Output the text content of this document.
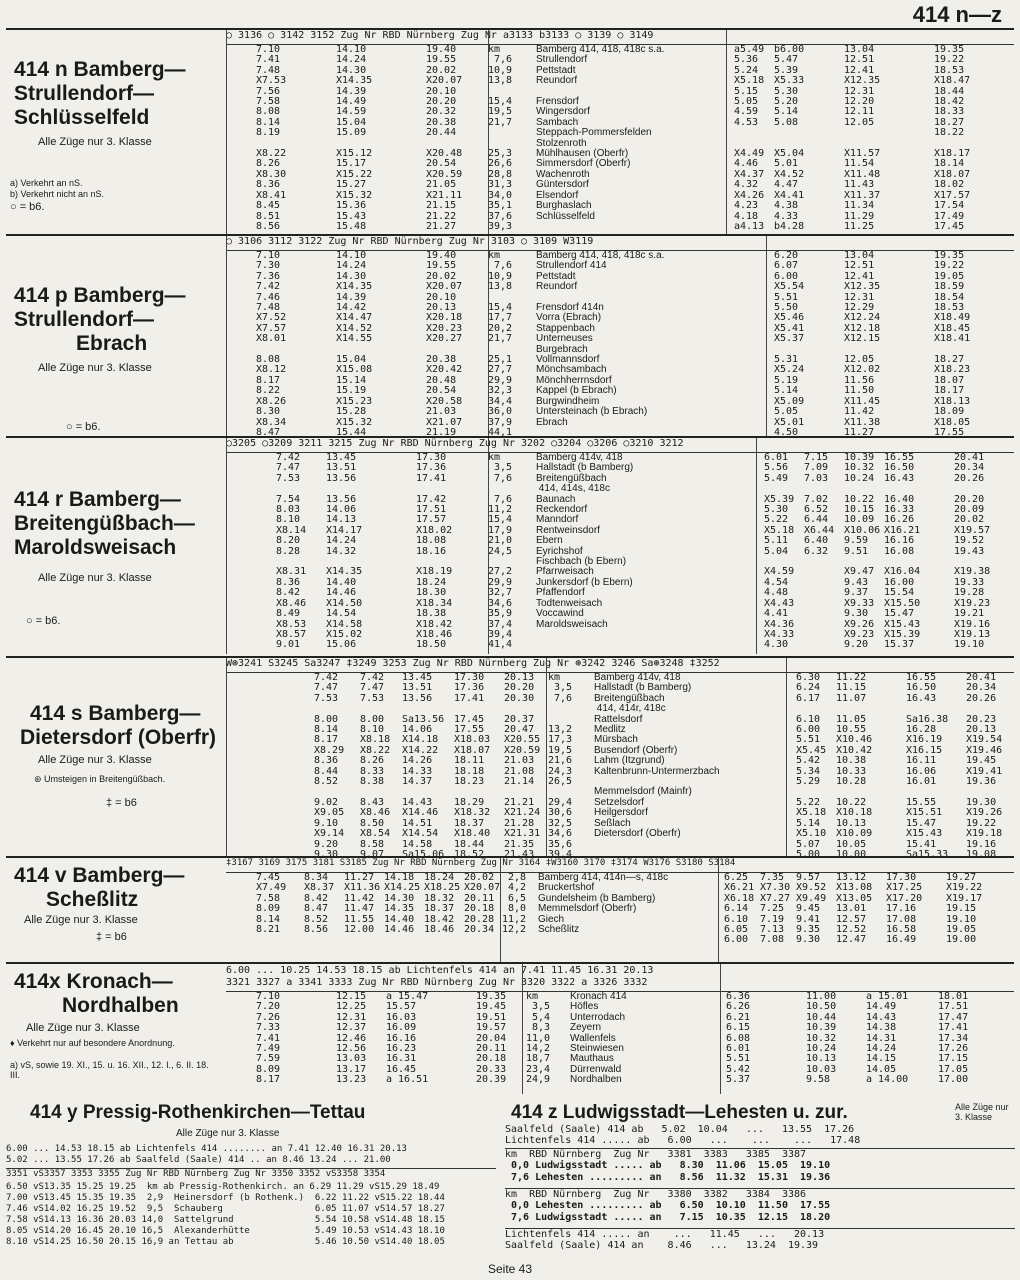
414 n—z
414 n Bamberg—
Strullendorf—
Schlüsselfeld
Alle Züge nur 3. Klasse
a) Verkehrt an nS.
b) Verkehrt nicht an nS.
○ = b6.
○ 3136 ○ 3142 3152 Zug Nr RBD Nürnberg Zug Nr a3133 b3133 ○ 3139 ○ 3149
7.10
7.41
7.48
X7.53
7.56
7.58
8.08
8.14
8.19

X8.22
8.26
X8.30
8.36
X8.41
8.45
8.51
8.56
14.10
14.24
14.30
X14.35
14.39
14.49
14.59
15.04
15.09

X15.12
15.17
X15.22
15.27
X15.32
15.36
15.43
15.48
19.40
19.55
20.02
X20.07
20.10
20.20
20.32
20.38
20.44

X20.48
20.54
X20.59
21.05
X21.11
21.15
21.22
21.27
km
7,6
10,9
13,8

15,4
19,5
21,7

25,3
26,6
28,8
31,3
34,0
35,1
37,6
39,3
Bamberg 414, 418, 418c s.a.
Strullendorf
Pettstadt
Reundorf

Frensdorf
Wingersdorf
Sambach
Steppach-Pommersfelden
Stolzenroth
Mühlhausen (Oberfr)
Simmersdorf (Oberfr)
Wachenroth
Güntersdorf
Elsendorf
Burghaslach
Schlüsselfeld
a5.49
5.36
5.24
X5.18
5.15
5.05
4.59
4.53

X4.49
4.46
X4.37
4.32
X4.26
4.23
4.18
a4.13
b6.00
5.47
5.39
X5.33
5.30
5.20
5.14
5.08

X5.04
5.01
X4.52
4.47
X4.41
4.38
4.33
b4.28
13.04
12.51
12.41
X12.35
12.31
12.20
12.11
12.05

X11.57
11.54
X11.48
11.43
X11.37
11.34
11.29
11.25
19.35
19.22
18.53
X18.47
18.44
18.42
18.33
18.27
18.22

X18.17
18.14
X18.07
18.02
X17.57
17.54
17.49
17.45
414 p Bamberg—
Strullendorf—
Ebrach
Alle Züge nur 3. Klasse
○ = b6.
○ 3106 3112 3122 Zug Nr RBD Nürnberg Zug Nr 3103 ○ 3109 W3119
7.10
7.30
7.36
7.42
7.46
7.48
X7.52
X7.57
X8.01

8.08
X8.12
8.17
8.22
X8.26
8.30
X8.34
8.47
14.10
14.24
14.30
X14.35
14.39
14.42
X14.47
X14.52
X14.55

15.04
X15.08
15.14
15.19
X15.23
15.28
X15.32
15.44
19.40
19.55
20.02
X20.07
20.10
20.13
X20.18
X20.23
X20.27

20.38
X20.42
20.48
20.54
X20.58
21.03
X21.07
21.19
km
7,6
10,9
13,8

15,4
17,7
20,2
21,7

25,1
27,7
29,9
32,3
34,4
36,0
37,9
44,1
Bamberg 414, 418, 418c s.a.
Strullendorf 414
Pettstadt
Reundorf

Frensdorf 414n
Vorra (Ebrach)
Stappenbach
Unterneuses
Burgebrach
Vollmannsdorf
Mönchsambach
Mönchherrnsdorf
Kappel (b Ebrach)
Burgwindheim
Untersteinach (b Ebrach)
Ebrach
6.20
6.07
6.00
X5.54
5.51
5.50
X5.46
X5.41
X5.37

5.31
X5.24
5.19
5.14
X5.09
5.05
X5.01
4.50
13.04
12.51
12.41
X12.35
12.31
12.29
X12.24
X12.18
X12.15

12.05
X12.02
11.56
11.50
X11.45
11.42
X11.38
11.27
19.35
19.22
19.05
18.59
18.54
18.53
X18.49
X18.45
X18.41

18.27
X18.23
18.07
18.17
X18.13
18.09
X18.05
17.55
414 r Bamberg—
Breitengüßbach—
Maroldsweisach
Alle Züge nur 3. Klasse
○ = b6.
○3205 ○3209 3211 3215 Zug Nr RBD Nürnberg Zug Nr 3202 ○3204 ○3206 ○3210 3212
7.42
7.47
7.53

7.54
8.03
8.10
X8.14
8.20
8.28

X8.31
8.36
8.42
X8.46
8.49
X8.53
X8.57
9.01
13.45
13.51
13.56

13.56
14.06
14.13
X14.17
14.24
14.32

X14.35
14.40
14.46
X14.50
14.54
X14.58
X15.02
15.06
17.30
17.36
17.41

17.42
17.51
17.57
X18.02
18.08
18.16

X18.19
18.24
18.30
X18.34
18.38
X18.42
X18.46
18.50
km
3,5
7,6

7,6
11,2
15,4
17,9
21,0
24,5

27,2
29,9
32,7
34,6
35,9
37,4
39,4
41,4
Bamberg 414v, 418
Hallstadt (b Bamberg)
Breitengüßbach
414, 414s, 418c
Baunach
Reckendorf
Manndorf
Rentweinsdorf
Ebern
Eyrichshof
Fischbach (b Ebern)
Pfarrweisach
Junkersdorf (b Ebern)
Pfaffendorf
Todtenweisach
Voccawind
Maroldsweisach
6.01
5.56
5.49

X5.39
5.30
5.22
X5.18
5.11
5.04

X4.59
4.54
4.48
X4.43
4.41
X4.36
X4.33
4.30
7.15
7.09
7.03

7.02
6.52
6.44
X6.44
6.40
6.32

10.39
10.32
10.24

10.22
10.15
10.09
X10.06
9.59
9.51

X9.47
9.43
9.37
X9.33
9.30
X9.26
X9.23
9.20
16.55
16.50
16.43

16.40
16.33
16.26
X16.21
16.16
16.08

X16.04
16.00
15.54
X15.50
15.47
X15.43
X15.39
15.37
20.41
20.34
20.26

20.20
20.09
20.02
X19.57
19.52
19.43

X19.38
19.33
19.28
X19.23
19.21
X19.16
X19.13
19.10
414 s Bamberg—
Dietersdorf (Oberfr)
Alle Züge nur 3. Klasse
⊛ Umsteigen in Breitengüßbach.
‡ = b6
W⊛3241 S3245 Sa3247 ‡3249 3253 Zug Nr RBD Nürnberg Zug Nr ⊛3242 3246 Sa⊛3248 ‡3252
7.42
7.47
7.53

8.00
8.14
8.17
X8.29
8.36
8.44
8.52

9.02
X9.05
9.10
X9.14
9.20
9.30
7.42
7.47
7.53

8.00
8.10
X8.18
X8.22
8.26
8.33
8.38

8.43
X8.46
8.50
X8.54
8.58
9.07
13.45
13.51
13.56

Sa13.56
14.06
X14.18
X14.22
14.26
14.33
14.37

14.43
X14.46
14.51
X14.54
14.58
Sa15.06
17.30
17.36
17.41

17.45
17.55
X18.03
X18.07
18.11
18.18
18.23

18.29
X18.32
18.37
X18.40
18.44
18.52
20.13
20.20
20.30

20.37
20.47
X20.55
X20.59
21.03
21.08
21.14

21.21
X21.24
21.28
X21.31
21.35
21.43
km
3,5
7,6

13,2
17,3
19,5
21,6
24,3
26,5

29,4
30,6
32,5
34,6
35,6
39,4
Bamberg 414v, 418
Hallstadt (b Bamberg)
Breitengüßbach
414, 414r, 418c
Rattelsdorf
Medlitz
Mürsbach
Busendorf (Oberfr)
Lahm (Itzgrund)
Kaltenbrunn-Untermerzbach

Memmelsdorf (Mainfr)
Setzelsdorf
Heilgersdorf
Seßlach
Dietersdorf (Oberfr)
6.30
6.24
6.17

6.10
6.00
5.51
X5.45
5.42
5.34
5.29

5.22
X5.18
5.14
X5.10
5.07
5.00
11.22
11.15
11.07

11.05
10.55
X10.46
X10.42
10.38
10.33
10.28

10.22
X10.18
10.13
X10.09
10.05
10.00
16.55
16.50
16.43

Sa16.38
16.28
X16.19
X16.15
16.11
16.06
16.01

15.55
X15.51
15.47
X15.43
15.41
Sa15.33
20.41
20.34
20.26

20.23
20.13
X19.54
X19.46
19.45
X19.41
19.36

19.30
X19.26
19.22
X19.18
19.16
19.08
414 v Bamberg—
Scheßlitz
Alle Züge nur 3. Klasse
‡ = b6
‡3167 3169 3175 3181 S3185 Zug Nr RBD Nürnberg Zug Nr 3164 ‡W3160 3170 ‡3174 W3176 S3180 S3184
7.45
X7.49
7.58
8.09
8.14
8.21
8.34
X8.37
8.42
8.47
8.52
8.56
11.27
X11.36
11.42
11.47
11.55
12.00
14.18
X14.25
14.30
14.35
14.40
14.46
18.24
X18.25
18.32
18.37
18.42
18.46
20.02
X20.07
20.11
20.18
20.28
20.34
2,8
4,2
6,5
8,0
11,2
12,2
Bamberg 414, 414n—s, 418c
Bruckertshof
Gundelsheim (b Bamberg)
Memmelsdorf (Oberfr)
Giech
Scheßlitz
6.25
X6.21
X6.18
6.14
6.10
6.05
6.00
7.35
X7.30
X7.27
7.25
7.19
7.13
7.08
9.57
X9.52
X9.49
9.45
9.41
9.35
9.30
13.12
X13.08
X13.05
13.01
12.57
12.52
12.47
17.30
X17.25
X17.20
17.16
17.08
16.58
16.49
19.27
X19.22
X19.17
19.15
19.10
19.05
19.00
414x Kronach—
Nordhalben
Alle Züge nur 3. Klasse
♦ Verkehrt nur auf besondere Anordnung.
a) vS, sowie 19. XI., 15. u. 16. XII., 12. I., 6. II. 18. III.
6.00 ... 10.25 14.53 18.15 ab Lichtenfels 414 an 7.41 11.45 16.31 20.13
3321 3327 a 3341 3333 Zug Nr RBD Nürnberg Zug Nr 3320 3322 a 3326 3332
7.10
7.20
7.26
7.33
7.41
7.49
7.59
8.09
8.17
12.15
12.25
12.31
12.37
12.46
12.56
13.03
13.17
13.23
a 15.47
15.57
16.03
16.09
16.16
16.23
16.31
16.45
a 16.51
19.35
19.45
19.51
19.57
20.04
20.11
20.18
20.33
20.39
km
3,5
5,4
8,3
11,0
14,2
18,7
23,4
24,9
Kronach 414
Höfles
Unterrodach
Zeyern
Wallenfels
Steinwiesen
Mauthaus
Dürrenwald
Nordhalben
6.36
6.26
6.21
6.15
6.08
6.01
5.51
5.42
5.37
11.00
10.50
10.44
10.39
10.32
10.24
10.13
10.03
9.58
a 15.01
14.49
14.43
14.38
14.31
14.24
14.15
14.05
a 14.00
18.01
17.51
17.47
17.41
17.34
17.26
17.15
17.05
17.00
414 y Pressig-Rothenkirchen—Tettau
Alle Züge nur 3. Klasse
6.00 ... 14.53 18.15 ab Lichtenfels 414 ........ an 7.41 12.40 16.31 20.13
5.02 ... 13.55 17.26 ab Saalfeld (Saale) 414 .. an 8.46 13.24 ... 21.00
3351 vS3357 3353 3355 Zug Nr RBD Nürnberg Zug Nr 3350 3352 vS3358 3354
6.50 vS13.35 15.25 19.25  km ab Pressig-Rothenkirch. an 6.29 11.29 vS15.29 18.49
7.00 vS13.45 15.35 19.35  2,9  Heinersdorf (b Rothenk.)  6.22 11.22 vS15.22 18.44
7.46 vS14.02 16.25 19.52  9,5  Schauberg                 6.05 11.07 vS14.57 18.27
7.58 vS14.13 16.36 20.03 14,0  Sattelgrund               5.54 10.58 vS14.48 18.15
8.05 vS14.20 16.45 20.10 16,5  Alexanderhütte            5.49 10.53 vS14.43 18.10
8.10 vS14.25 16.50 20.15 16,9 an Tettau ab               5.46 10.50 vS14.40 18.05
414 z Ludwigsstadt—Lehesten u. zur.	Alle Züge nur 3. Klasse
Saalfeld (Saale) 414 ab   5.02  10.04   ...   13.55  17.26
Lichtenfels 414 ..... ab   6.00   ...    ...    ...   17.48
km  RBD Nürnberg  Zug Nr   3381  3383   3385  3387
0,0 Ludwigsstadt ..... ab   8.30  11.06  15.05  19.10
7,6 Lehesten ......... an   8.56  11.32  15.31  19.36
km  RBD Nürnberg  Zug Nr   3380  3382   3384  3386
0,0 Lehesten ......... ab   6.50  10.10  11.50  17.55
7,6 Ludwigsstadt ..... an   7.15  10.35  12.15  18.20
Lichtenfels 414 ..... an    ...   11.45   ...   20.13
Saalfeld (Saale) 414 an    8.46   ...   13.24  19.39
Seite 43
